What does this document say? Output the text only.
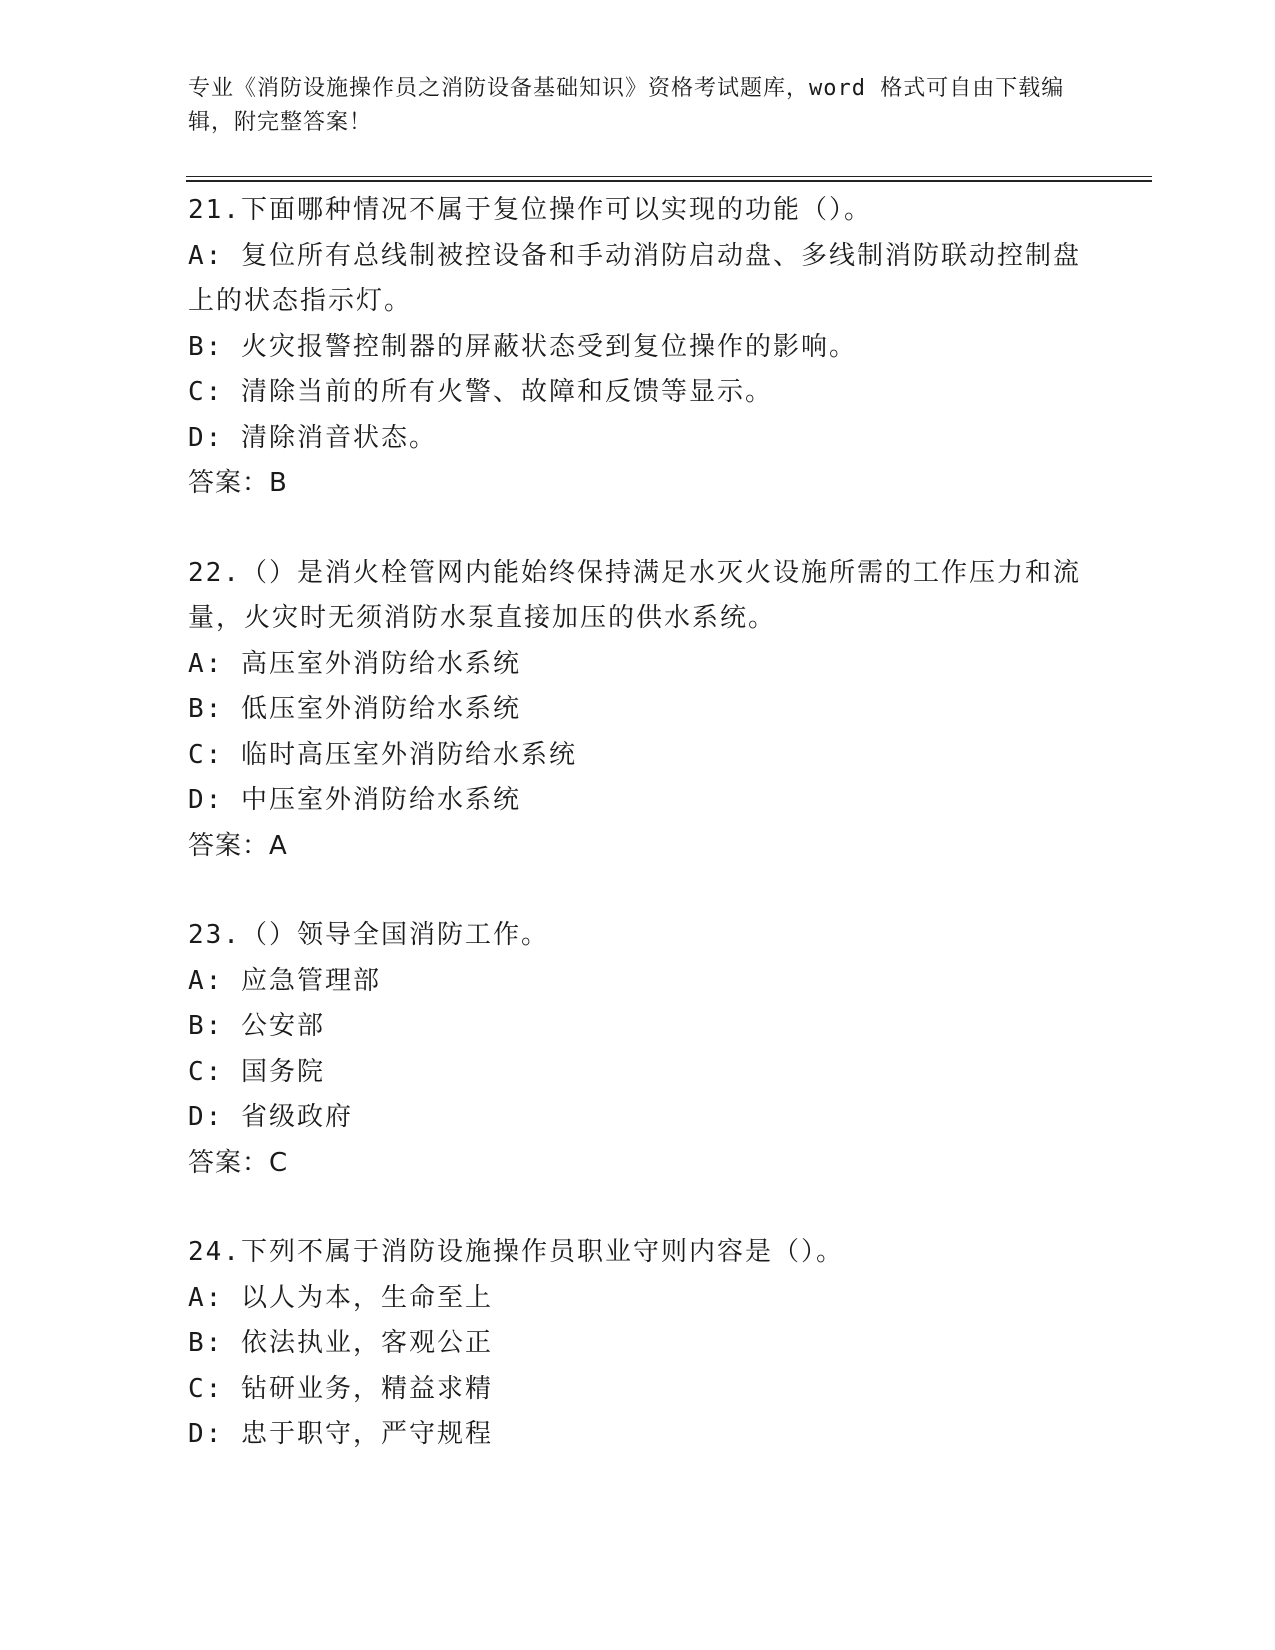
专业《消防设施操作员之消防设备基础知识》资格考试题库，word 格式可自由下载编辑，附完整答案！
21.下面哪种情况不属于复位操作可以实现的功能（）。
A: 复位所有总线制被控设备和手动消防启动盘、多线制消防联动控制盘上的状态指示灯。
B: 火灾报警控制器的屏蔽状态受到复位操作的影响。
C: 清除当前的所有火警、故障和反馈等显示。
D: 清除消音状态。
答案：B
22.（）是消火栓管网内能始终保持满足水灭火设施所需的工作压力和流量，火灾时无须消防水泵直接加压的供水系统。
A: 高压室外消防给水系统
B: 低压室外消防给水系统
C: 临时高压室外消防给水系统
D: 中压室外消防给水系统
答案：A
23.（）领导全国消防工作。
A: 应急管理部
B: 公安部
C: 国务院
D: 省级政府
答案：C
24.下列不属于消防设施操作员职业守则内容是（）。
A: 以人为本，生命至上
B: 依法执业，客观公正
C: 钻研业务，精益求精
D: 忠于职守，严守规程
